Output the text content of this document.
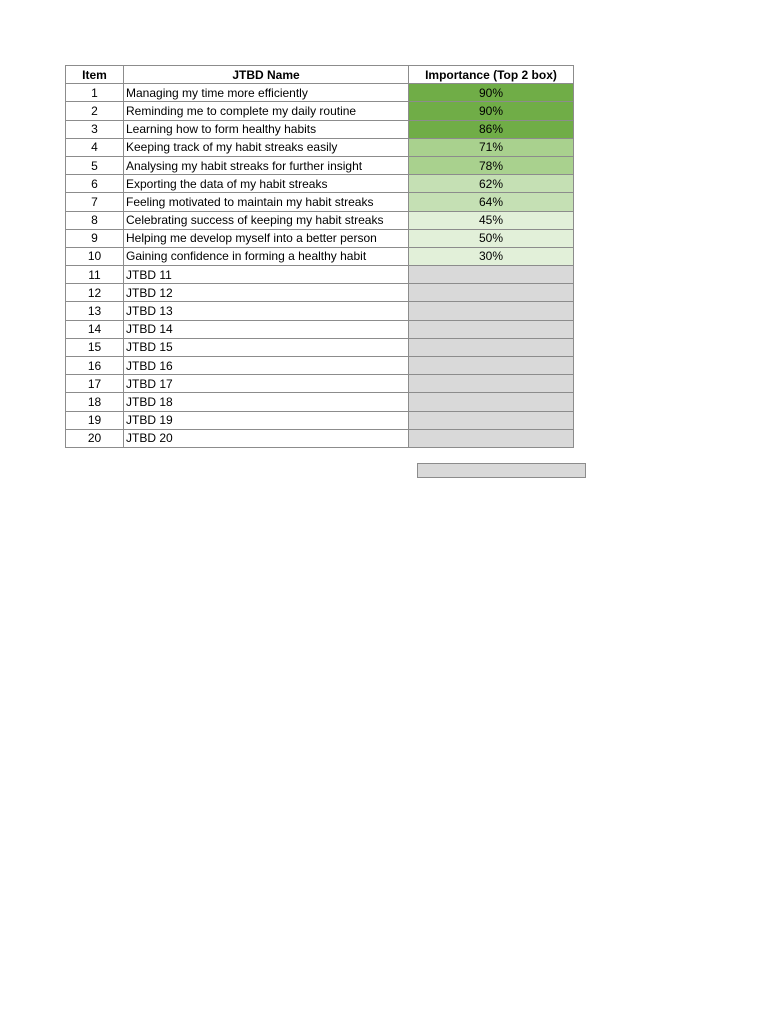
Item	JTBD Name	Importance (Top 2 box)
1	Managing my time more efficiently	90%
2	Reminding me to complete my daily routine	90%
3	Learning how to form healthy habits	86%
4	Keeping track of my habit streaks easily	71%
5	Analysing my habit streaks for further insight	78%
6	Exporting the data of my habit streaks	62%
7	Feeling motivated to maintain my habit streaks	64%
8	Celebrating success of keeping my habit streaks	45%
9	Helping me develop myself into a better person	50%
10	Gaining confidence in forming a healthy habit	30%
11	JTBD 11	
12	JTBD 12	
13	JTBD 13	
14	JTBD 14	
15	JTBD 15	
16	JTBD 16	
17	JTBD 17	
18	JTBD 18	
19	JTBD 19	
20	JTBD 20	
